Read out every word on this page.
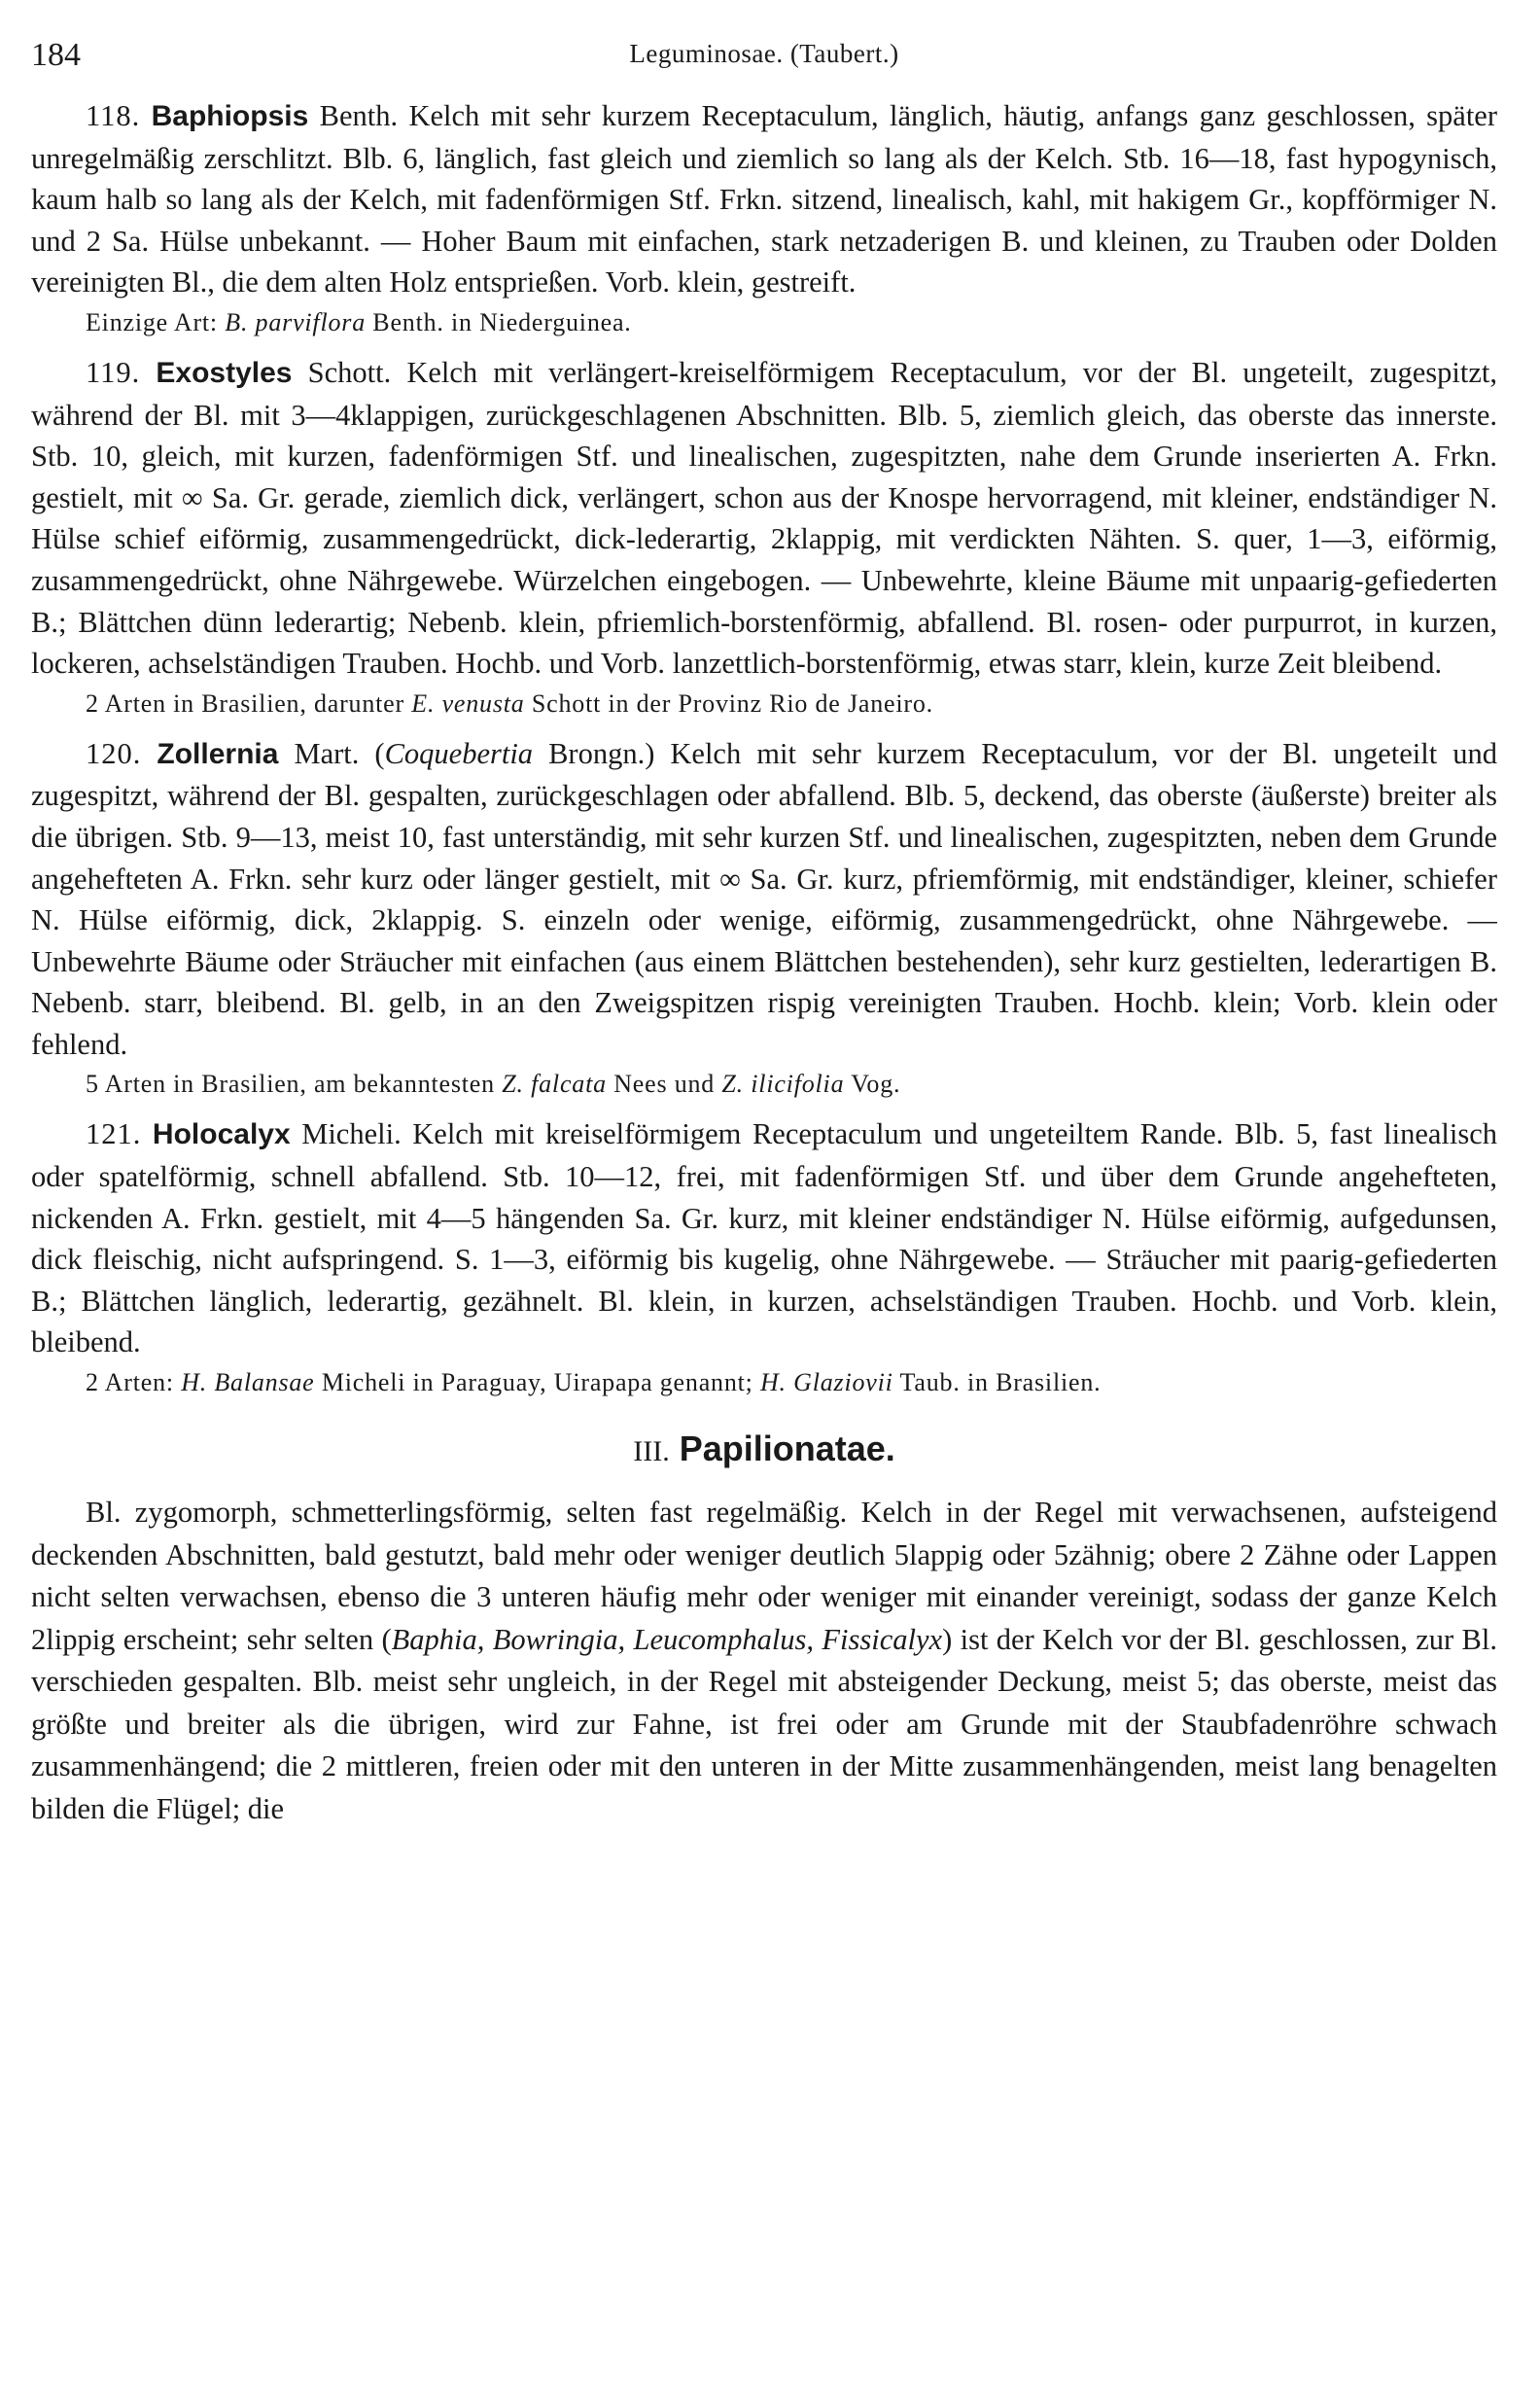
184	Leguminosae. (Taubert.)

118. Baphiopsis Benth. Kelch mit sehr kurzem Receptaculum, länglich, häutig, anfangs ganz geschlossen, später unregelmäßig zerschlitzt. Blb. 6, länglich, fast gleich und ziemlich so lang als der Kelch. Stb. 16—18, fast hypogynisch, kaum halb so lang als der Kelch, mit fadenförmigen Stf. Frkn. sitzend, linealisch, kahl, mit hakigem Gr., kopfförmiger N. und 2 Sa. Hülse unbekannt. — Hoher Baum mit einfachen, stark netzaderigen B. und kleinen, zu Trauben oder Dolden vereinigten Bl., die dem alten Holz entsprießen. Vorb. klein, gestreift.

Einzige Art: B. parviflora Benth. in Niederguinea.

119. Exostyles Schott. Kelch mit verlängert-kreiselförmigem Receptaculum, vor der Bl. ungeteilt, zugespitzt, während der Bl. mit 3—4klappigen, zurückgeschlagenen Abschnitten. Blb. 5, ziemlich gleich, das oberste das innerste. Stb. 10, gleich, mit kurzen, fadenförmigen Stf. und linealischen, zugespitzten, nahe dem Grunde inserierten A. Frkn. gestielt, mit ∞ Sa. Gr. gerade, ziemlich dick, verlängert, schon aus der Knospe hervorragend, mit kleiner, endständiger N. Hülse schief eiförmig, zusammengedrückt, dick-lederartig, 2klappig, mit verdickten Nähten. S. quer, 1—3, eiförmig, zusammengedrückt, ohne Nährgewebe. Würzelchen eingebogen. — Unbewehrte, kleine Bäume mit unpaarig-gefiederten B.; Blättchen dünn lederartig; Nebenb. klein, pfriemlich-borstenförmig, abfallend. Bl. rosen- oder purpurrot, in kurzen, lockeren, achselständigen Trauben. Hochb. und Vorb. lanzettlich-borstenförmig, etwas starr, klein, kurze Zeit bleibend.

2 Arten in Brasilien, darunter E. venusta Schott in der Provinz Rio de Janeiro.

120. Zollernia Mart. (Coquebertia Brongn.) Kelch mit sehr kurzem Receptaculum, vor der Bl. ungeteilt und zugespitzt, während der Bl. gespalten, zurückgeschlagen oder abfallend. Blb. 5, deckend, das oberste (äußerste) breiter als die übrigen. Stb. 9—13, meist 10, fast unterständig, mit sehr kurzen Stf. und linealischen, zugespitzten, neben dem Grunde angehefteten A. Frkn. sehr kurz oder länger gestielt, mit ∞ Sa. Gr. kurz, pfriemförmig, mit endständiger, kleiner, schiefer N. Hülse eiförmig, dick, 2klappig. S. einzeln oder wenige, eiförmig, zusammengedrückt, ohne Nährgewebe. — Unbewehrte Bäume oder Sträucher mit einfachen (aus einem Blättchen bestehenden), sehr kurz gestielten, lederartigen B. Nebenb. starr, bleibend. Bl. gelb, in an den Zweigspitzen rispig vereinigten Trauben. Hochb. klein; Vorb. klein oder fehlend.

5 Arten in Brasilien, am bekanntesten Z. falcata Nees und Z. ilicifolia Vog.

121. Holocalyx Micheli. Kelch mit kreiselförmigem Receptaculum und ungeteiltem Rande. Blb. 5, fast linealisch oder spatelförmig, schnell abfallend. Stb. 10—12, frei, mit fadenförmigen Stf. und über dem Grunde angehefteten, nickenden A. Frkn. gestielt, mit 4—5 hängenden Sa. Gr. kurz, mit kleiner endständiger N. Hülse eiförmig, aufgedunsen, dick fleischig, nicht aufspringend. S. 1—3, eiförmig bis kugelig, ohne Nährgewebe. — Sträucher mit paarig-gefiederten B.; Blättchen länglich, lederartig, gezähnelt. Bl. klein, in kurzen, achselständigen Trauben. Hochb. und Vorb. klein, bleibend.

2 Arten: H. Balansae Micheli in Paraguay, Uirapapa genannt; H. Glaziovii Taub. in Brasilien.

III. Papilionatae.

Bl. zygomorph, schmetterlingsförmig, selten fast regelmäßig. Kelch in der Regel mit verwachsenen, aufsteigend deckenden Abschnitten, bald gestutzt, bald mehr oder weniger deutlich 5lappig oder 5zähnig; obere 2 Zähne oder Lappen nicht selten verwachsen, ebenso die 3 unteren häufig mehr oder weniger mit einander vereinigt, sodass der ganze Kelch 2lippig erscheint; sehr selten (Baphia, Bowringia, Leucomphalus, Fissicalyx) ist der Kelch vor der Bl. geschlossen, zur Bl. verschieden gespalten. Blb. meist sehr ungleich, in der Regel mit absteigender Deckung, meist 5; das oberste, meist das größte und breiter als die übrigen, wird zur Fahne, ist frei oder am Grunde mit der Staubfadenröhre schwach zusammenhängend; die 2 mittleren, freien oder mit den unteren in der Mitte zusammenhängenden, meist lang benagelten bilden die Flügel; die
